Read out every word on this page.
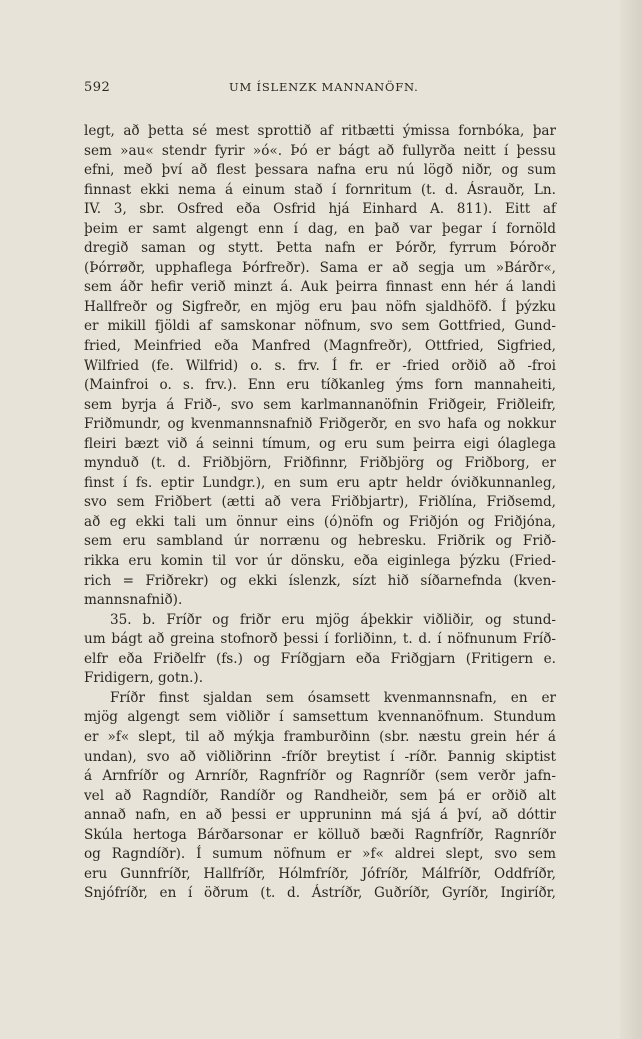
592	UM ÍSLENZK MANNANÖFN.
legt, að þetta sé mest sprottið af ritbætti ýmissa fornbóka, þar
sem »au« stendr fyrir »ó«. Þó er bágt að fullyrða neitt í þessu
efni, með því að flest þessara nafna eru nú lögð niðr, og sum
finnast ekki nema á einum stað í fornritum (t. d. Ásrauðr, Ln.
IV. 3, sbr. Osfred eða Osfrid hjá Einhard A. 811). Eitt af
þeim er samt algengt enn í dag, en það var þegar í fornöld
dregið saman og stytt. Þetta nafn er Þórðr, fyrrum Þóroðr
(Þórrøðr, upphaflega Þórfreðr). Sama er að segja um »Bárðr«,
sem áðr hefir verið minzt á. Auk þeirra finnast enn hér á landi
Hallfreðr og Sigfreðr, en mjög eru þau nöfn sjaldhöfð. Í þýzku
er mikill fjöldi af samskonar nöfnum, svo sem Gottfried, Gund-
fried, Meinfried eða Manfred (Magnfreðr), Ottfried, Sigfried,
Wilfried (fe. Wilfrid) o. s. frv. Í fr. er -fried orðið að -froi
(Mainfroi o. s. frv.). Enn eru tíðkanleg ýms forn mannaheiti,
sem byrja á Frið-, svo sem karlmannanöfnin Friðgeir, Friðleifr,
Friðmundr, og kvenmannsnafnið Friðgerðr, en svo hafa og nokkur
fleiri bæzt við á seinni tímum, og eru sum þeirra eigi ólaglega
mynduð (t. d. Friðbjörn, Friðfinnr, Friðbjörg og Friðborg, er
finst í fs. eptir Lundgr.), en sum eru aptr heldr óviðkunnanleg,
svo sem Friðbert (ætti að vera Friðbjartr), Friðlína, Friðsemd,
að eg ekki tali um önnur eins (ó)nöfn og Friðjón og Friðjóna,
sem eru sambland úr norrænu og hebresku. Friðrik og Frið-
rikka eru komin til vor úr dönsku, eða eiginlega þýzku (Fried-
rich = Friðrekr) og ekki íslenzk, sízt hið síðarnefnda (kven-
mannsnafnið).
35. b. Fríðr og friðr eru mjög áþekkir viðliðir, og stund-
um bágt að greina stofnorð þessi í forliðinn, t. d. í nöfnunum Fríð-
elfr eða Friðelfr (fs.) og Fríðgjarn eða Friðgjarn (Fritigern e.
Fridigern, gotn.).
Fríðr finst sjaldan sem ósamsett kvenmannsnafn, en er
mjög algengt sem viðliðr í samsettum kvennanöfnum. Stundum
er »f« slept, til að mýkja framburðinn (sbr. næstu grein hér á
undan), svo að viðliðrinn -fríðr breytist í -ríðr. Þannig skiptist
á Arnfríðr og Arnríðr, Ragnfríðr og Ragnríðr (sem verðr jafn-
vel að Ragndíðr, Randíðr og Randheiðr, sem þá er orðið alt
annað nafn, en að þessi er uppruninn má sjá á því, að dóttir
Skúla hertoga Bárðarsonar er kölluð bæði Ragnfríðr, Ragnríðr
og Ragndíðr). Í sumum nöfnum er »f« aldrei slept, svo sem
eru Gunnfríðr, Hallfríðr, Hólmfríðr, Jófríðr, Málfríðr, Oddfríðr,
Snjófríðr, en í öðrum (t. d. Ástríðr, Guðríðr, Gyríðr, Ingiríðr,
